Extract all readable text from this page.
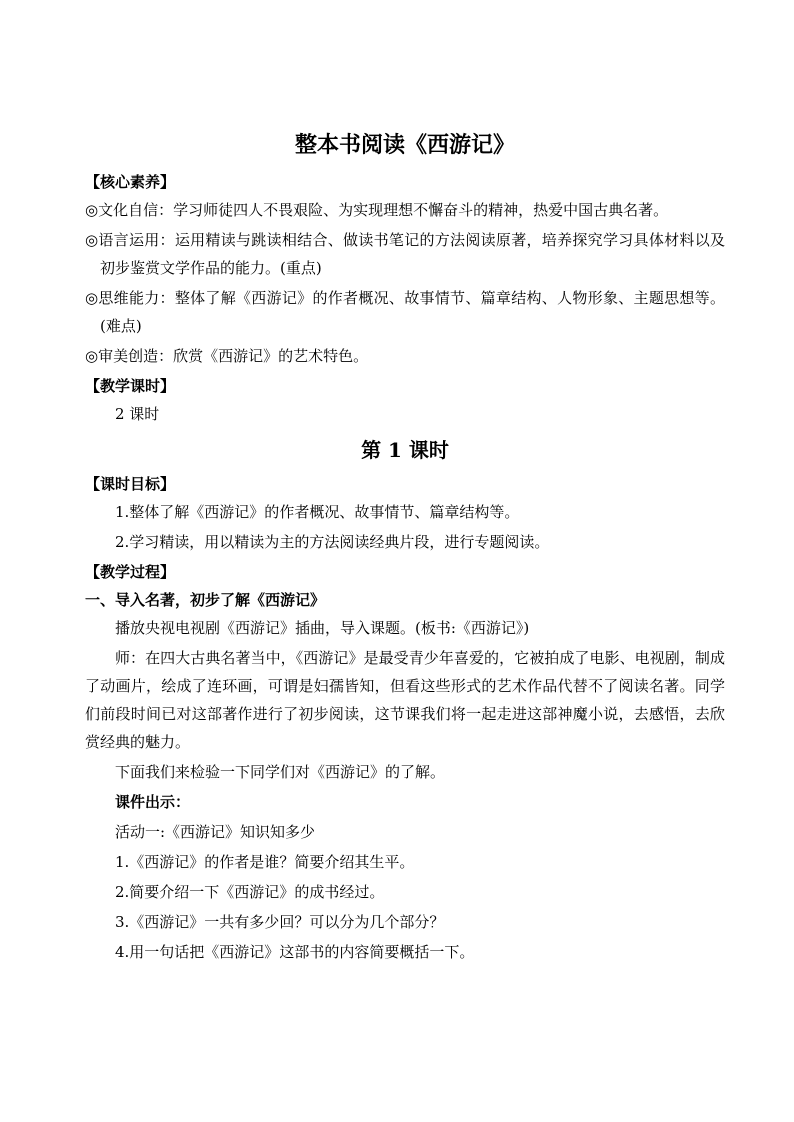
整本书阅读《西游记》
【核心素养】

◎文化自信：学习师徒四人不畏艰险、为实现理想不懈奋斗的精神，热爱中国古典名著。

◎语言运用：运用精读与跳读相结合、做读书笔记的方法阅读原著，培养探究学习具体材料以及初步鉴赏文学作品的能力。(重点)

◎思维能力：整体了解《西游记》的作者概况、故事情节、篇章结构、人物形象、主题思想等。(难点)

◎审美创造：欣赏《西游记》的艺术特色。

【教学课时】

2 课时

第 1 课时
【课时目标】

1.整体了解《西游记》的作者概况、故事情节、篇章结构等。

2.学习精读，用以精读为主的方法阅读经典片段，进行专题阅读。

【教学过程】
一、导入名著，初步了解《西游记》

播放央视电视剧《西游记》插曲，导入课题。(板书:《西游记》)

师：在四大古典名著当中，《西游记》是最受青少年喜爱的，它被拍成了电影、电视剧，制成了动画片，绘成了连环画，可谓是妇孺皆知，但看这些形式的艺术作品代替不了阅读名著。同学们前段时间已对这部著作进行了初步阅读，这节课我们将一起走进这部神魔小说，去感悟，去欣赏经典的魅力。

下面我们来检验一下同学们对《西游记》的了解。

课件出示：

活动一:《西游记》知识知多少

1.《西游记》的作者是谁？简要介绍其生平。

2.简要介绍一下《西游记》的成书经过。

3.《西游记》一共有多少回？可以分为几个部分？

4.用一句话把《西游记》这部书的内容简要概括一下。
